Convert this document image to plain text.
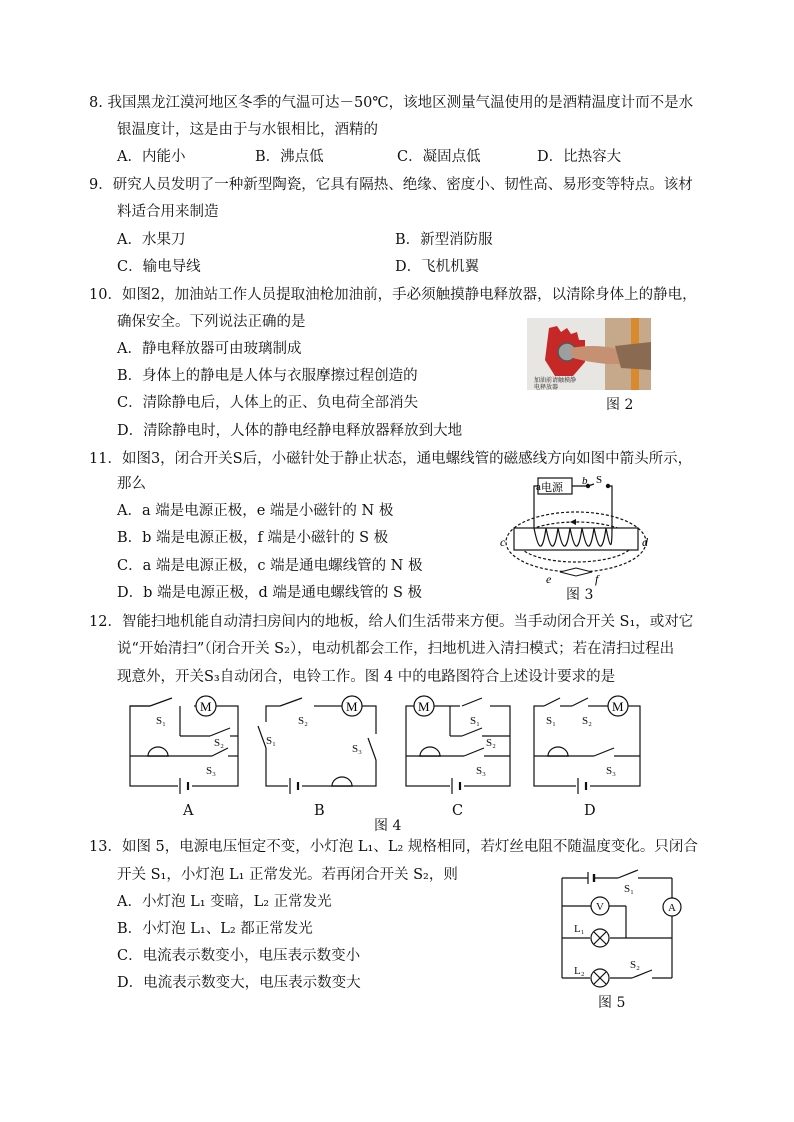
8. 我国黑龙江漠河地区冬季的气温可达－50℃，该地区测量气温使用的是酒精温度计而不是水
银温度计，这是由于与水银相比，酒精的
A．内能小	B．沸点低	C．凝固点低	D．比热容大
9．研究人员发明了一种新型陶瓷，它具有隔热、绝缘、密度小、韧性高、易形变等特点。该材
料适合用来制造
A．水果刀	B．新型消防服
C．输电导线	D．飞机机翼
10．如图2，加油站工作人员提取油枪加油前，手必须触摸静电释放器，以清除身体上的静电，
确保安全。下列说法正确的是
A．静电释放器可由玻璃制成
B．身体上的静电是人体与衣服摩擦过程创造的
C．清除静电后，人体上的正、负电荷全部消失
D．清除静电时，人体的静电经静电释放器释放到大地
加油前请触摸静电释放器
图 2
11．如图3，闭合开关S后，小磁针处于静止状态，通电螺线管的磁感线方向如图中箭头所示，
那么
A．a 端是电源正极，e 端是小磁针的 N 极
B．b 端是电源正极，f 端是小磁针的 S 极
C．a 端是电源正极，c 端是通电螺线管的 N 极
D．b 端是电源正极，d 端是通电螺线管的 S 极
a 电源
b S
c	d
e	f
图 3
12．智能扫地机能自动清扫房间内的地板，给人们生活带来方便。当手动闭合开关 S₁，或对它
说“开始清扫”（闭合开关 S₂），电动机都会工作，扫地机进入清扫模式；若在清扫过程出
现意外，开关S₃自动闭合，电铃工作。图 4 中的电路图符合上述设计要求的是
M
S₁
S₂
S₃
S₂
S₁
S₃
S₁
S₂
S₃
S₁ S₂
S₃
A	B	C	D
图 4
13．如图 5，电源电压恒定不变，小灯泡 L₁、L₂ 规格相同，若灯丝电阻不随温度变化。只闭合
开关 S₁，小灯泡 L₁ 正常发光。若再闭合开关 S₂，则
A．小灯泡 L₁ 变暗，L₂ 正常发光
B．小灯泡 L₁、L₂ 都正常发光
C．电流表示数变小，电压表示数变小
D．电流表示数变大，电压表示数变大
V	A
S₁
L₁
L₂	S₂
图 5
